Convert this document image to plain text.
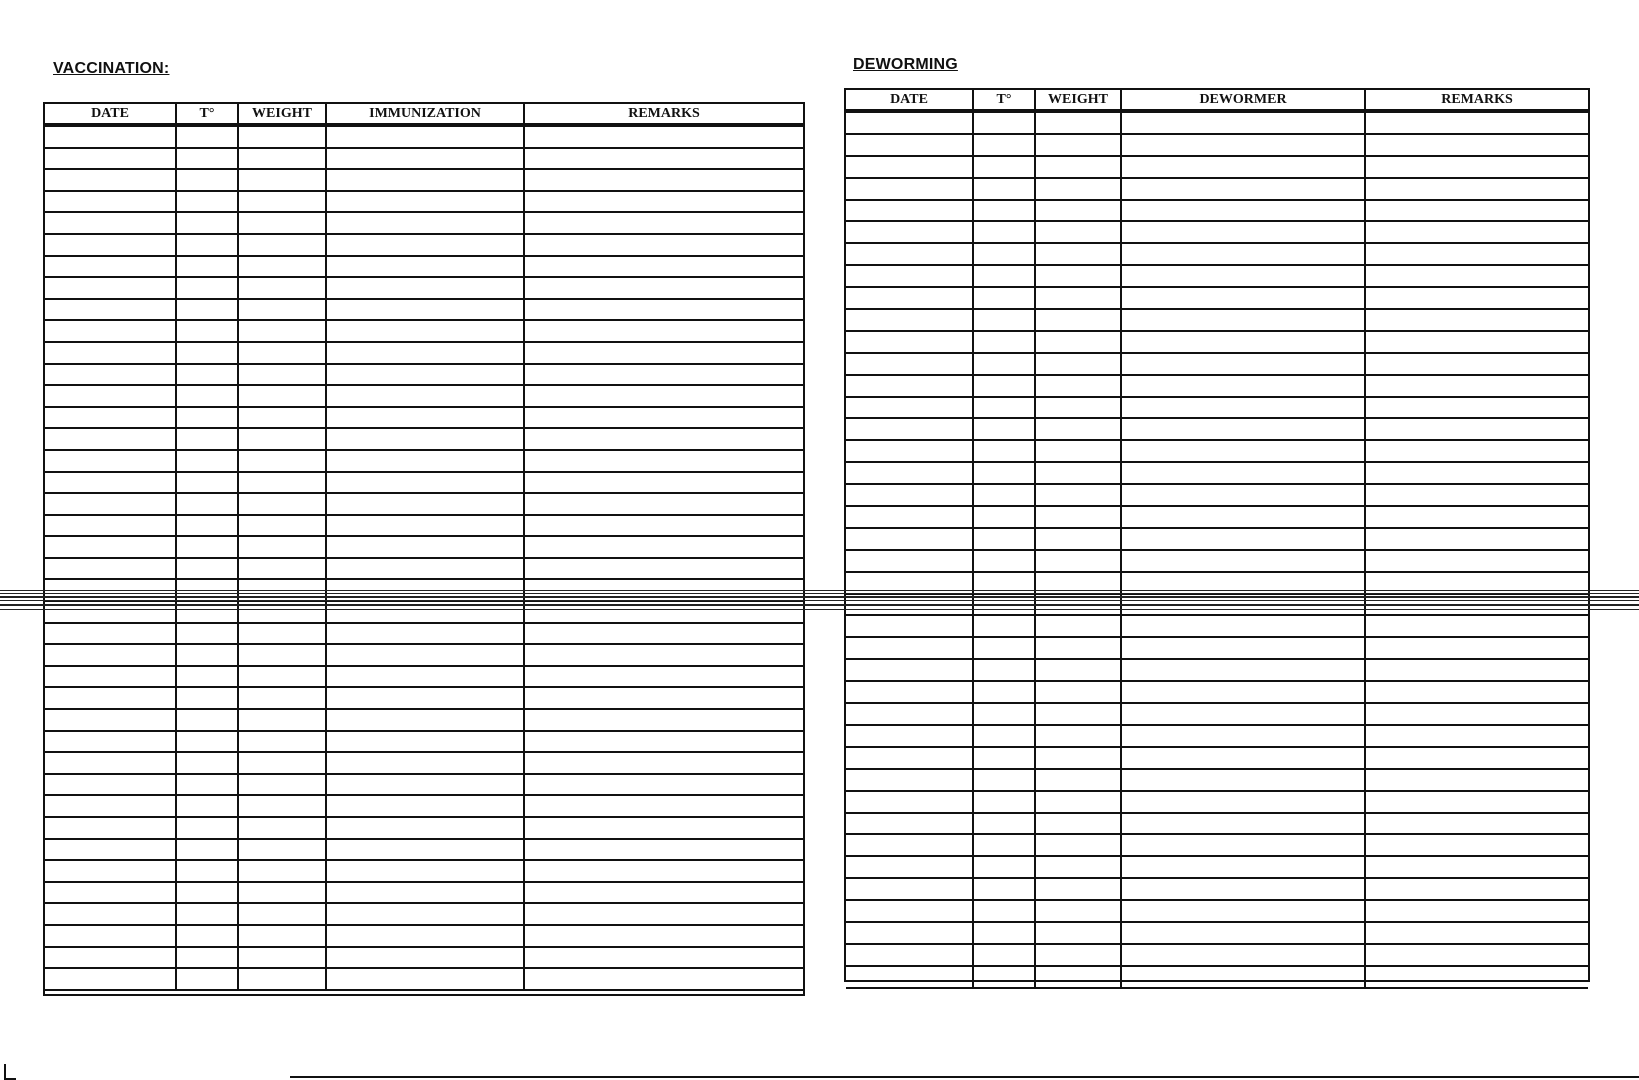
VACCINATION:	DEWORMING
DATE	T°	WEIGHT	IMMUNIZATION	REMARKS
DATE	T°	WEIGHT	DEWORMER	REMARKS
